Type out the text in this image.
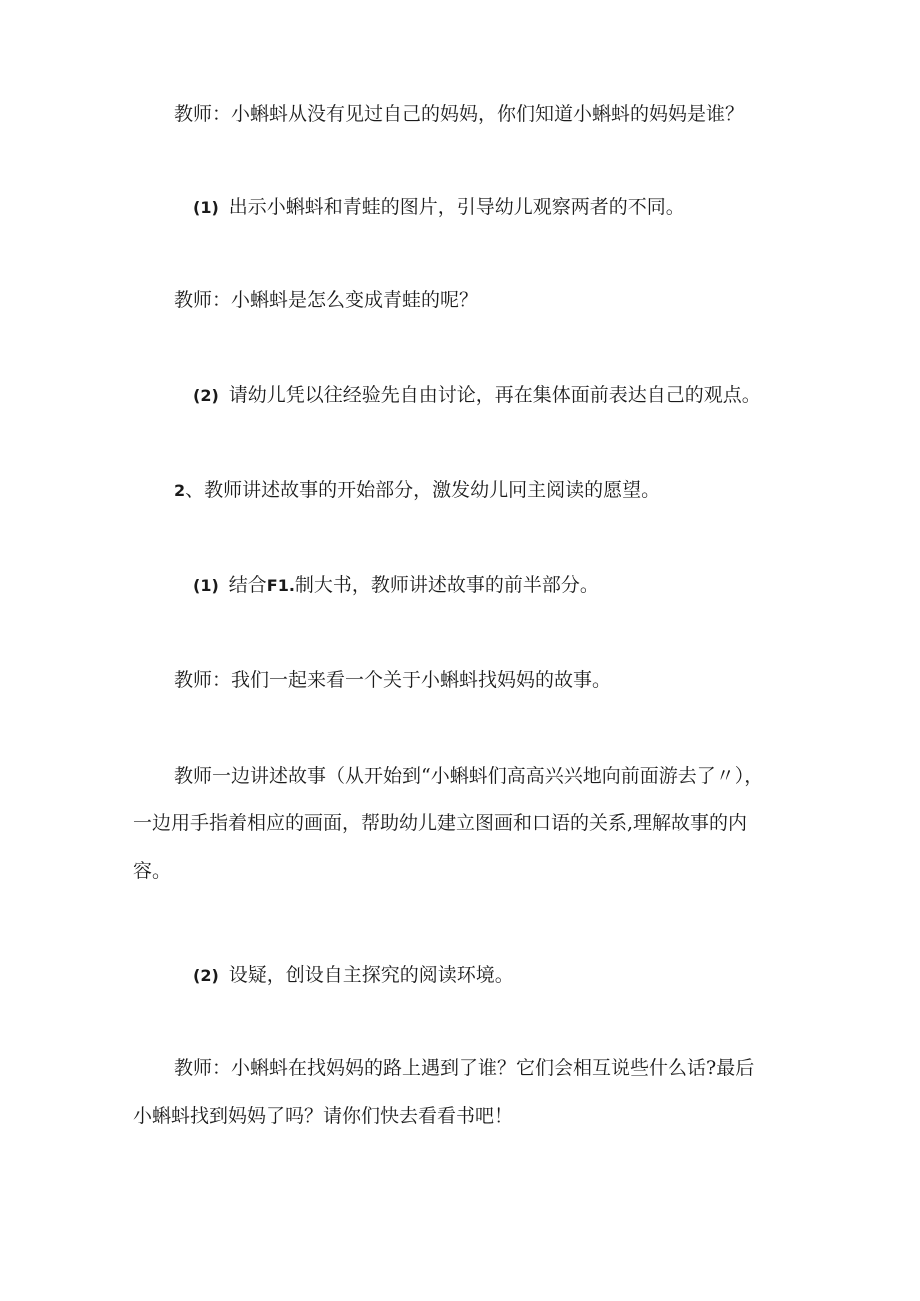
教师：小蝌蚪从没有见过自己的妈妈，你们知道小蝌蚪的妈妈是谁？

(1) 出示小蝌蚪和青蛙的图片，引导幼儿观察两者的不同。

教师：小蝌蚪是怎么变成青蛙的呢？

(2) 请幼儿凭以往经验先自由讨论，再在集体面前表达自己的观点。

2、教师讲述故事的开始部分，激发幼儿冋主阅读的愿望。

(1) 结合F1.制大书，教师讲述故事的前半部分。

教师：我们一起来看一个关于小蝌蚪找妈妈的故事。

教师一边讲述故事（从开始到“小蝌蚪们高高兴兴地向前面游去了〃），

一边用手指着相应的画面，帮助幼儿建立图画和口语的关系,理解故事的内

容。

(2) 设疑，创设自主探究的阅读环境。

教师：小蝌蚪在找妈妈的路上遇到了谁？它们会相互说些什么话?最后

小蝌蚪找到妈妈了吗？请你们快去看看书吧！
